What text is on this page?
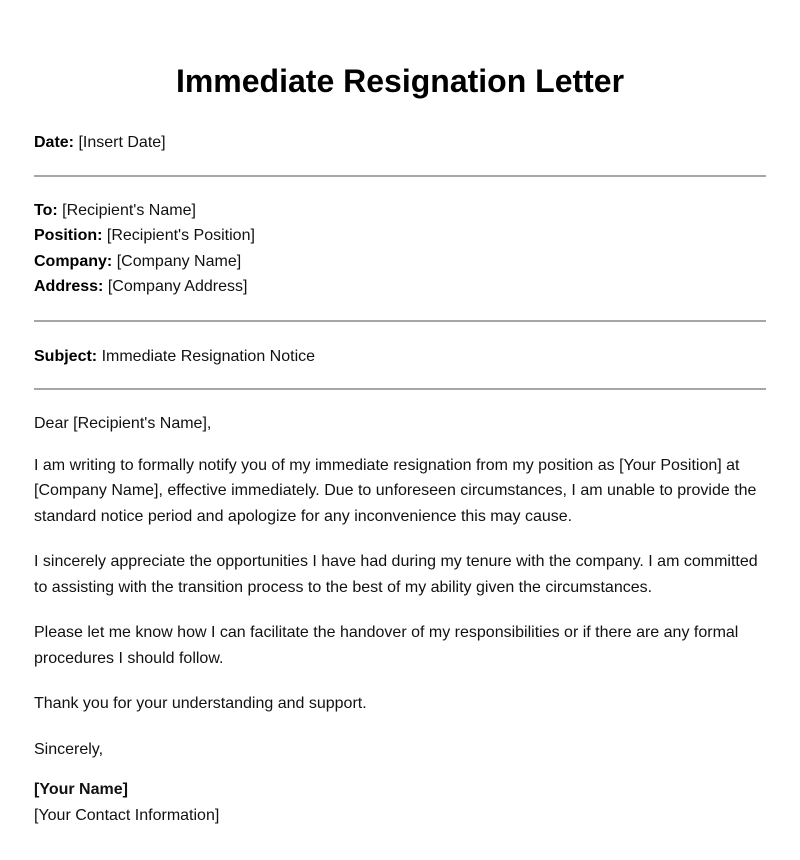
Immediate Resignation Letter

Date: [Insert Date]

To: [Recipient's Name]

Position: [Recipient's Position]

Company: [Company Name]

Address: [Company Address]

Subject: Immediate Resignation Notice

Dear [Recipient's Name],

I am writing to formally notify you of my immediate resignation from my position as [Your Position] at [Company Name], effective immediately. Due to unforeseen circumstances, I am unable to provide the standard notice period and apologize for any inconvenience this may cause.

I sincerely appreciate the opportunities I have had during my tenure with the company. I am committed to assisting with the transition process to the best of my ability given the circumstances.

Please let me know how I can facilitate the handover of my responsibilities or if there are any formal procedures I should follow.

Thank you for your understanding and support.

Sincerely,

[Your Name]

[Your Contact Information]
